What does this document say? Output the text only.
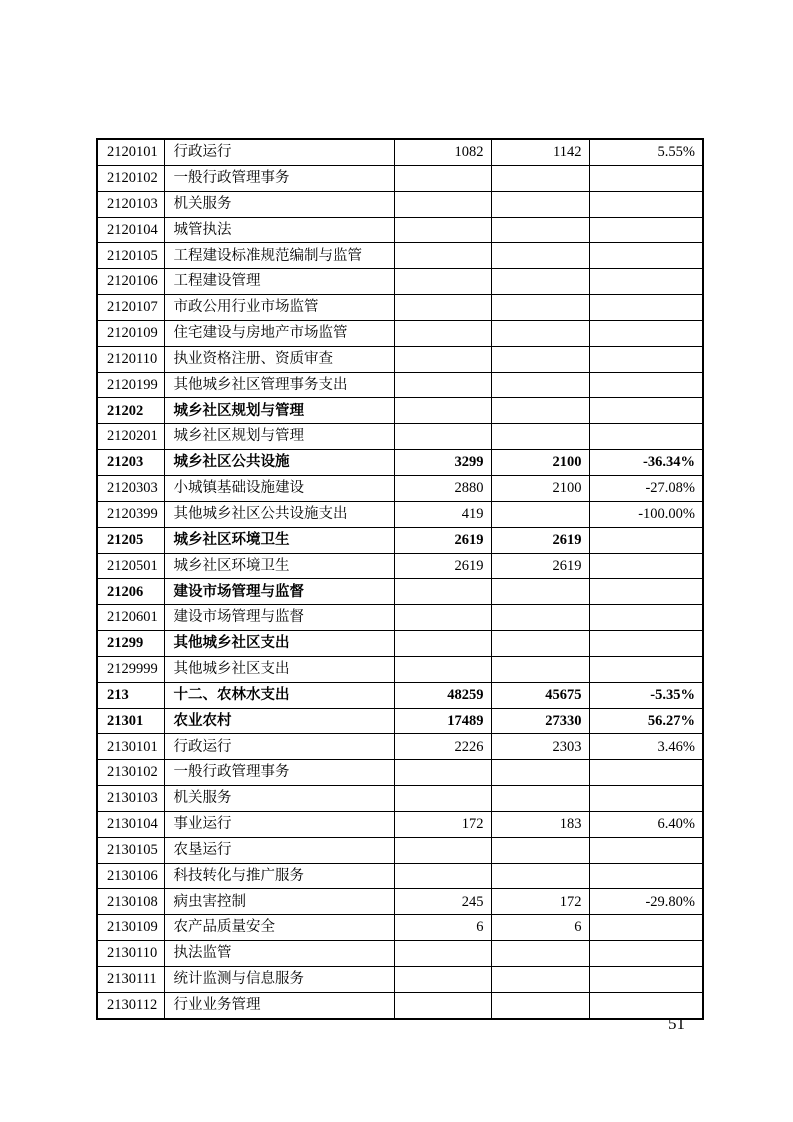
2120101	行政运行	1082	1142	5.55%
2120102	一般行政管理事务			
2120103	机关服务			
2120104	城管执法			
2120105	工程建设标准规范编制与监管			
2120106	工程建设管理			
2120107	市政公用行业市场监管			
2120109	住宅建设与房地产市场监管			
2120110	执业资格注册、资质审查			
2120199	其他城乡社区管理事务支出			
21202	城乡社区规划与管理			
2120201	城乡社区规划与管理			
21203	城乡社区公共设施	3299	2100	-36.34%
2120303	小城镇基础设施建设	2880	2100	-27.08%
2120399	其他城乡社区公共设施支出	419		-100.00%
21205	城乡社区环境卫生	2619	2619	
2120501	城乡社区环境卫生	2619	2619	
21206	建设市场管理与监督			
2120601	建设市场管理与监督			
21299	其他城乡社区支出			
2129999	其他城乡社区支出			
213	十二、农林水支出	48259	45675	-5.35%
21301	农业农村	17489	27330	56.27%
2130101	行政运行	2226	2303	3.46%
2130102	一般行政管理事务			
2130103	机关服务			
2130104	事业运行	172	183	6.40%
2130105	农垦运行			
2130106	科技转化与推广服务			
2130108	病虫害控制	245	172	-29.80%
2130109	农产品质量安全	6	6	
2130110	执法监管			
2130111	统计监测与信息服务			
2130112	行业业务管理			
51
